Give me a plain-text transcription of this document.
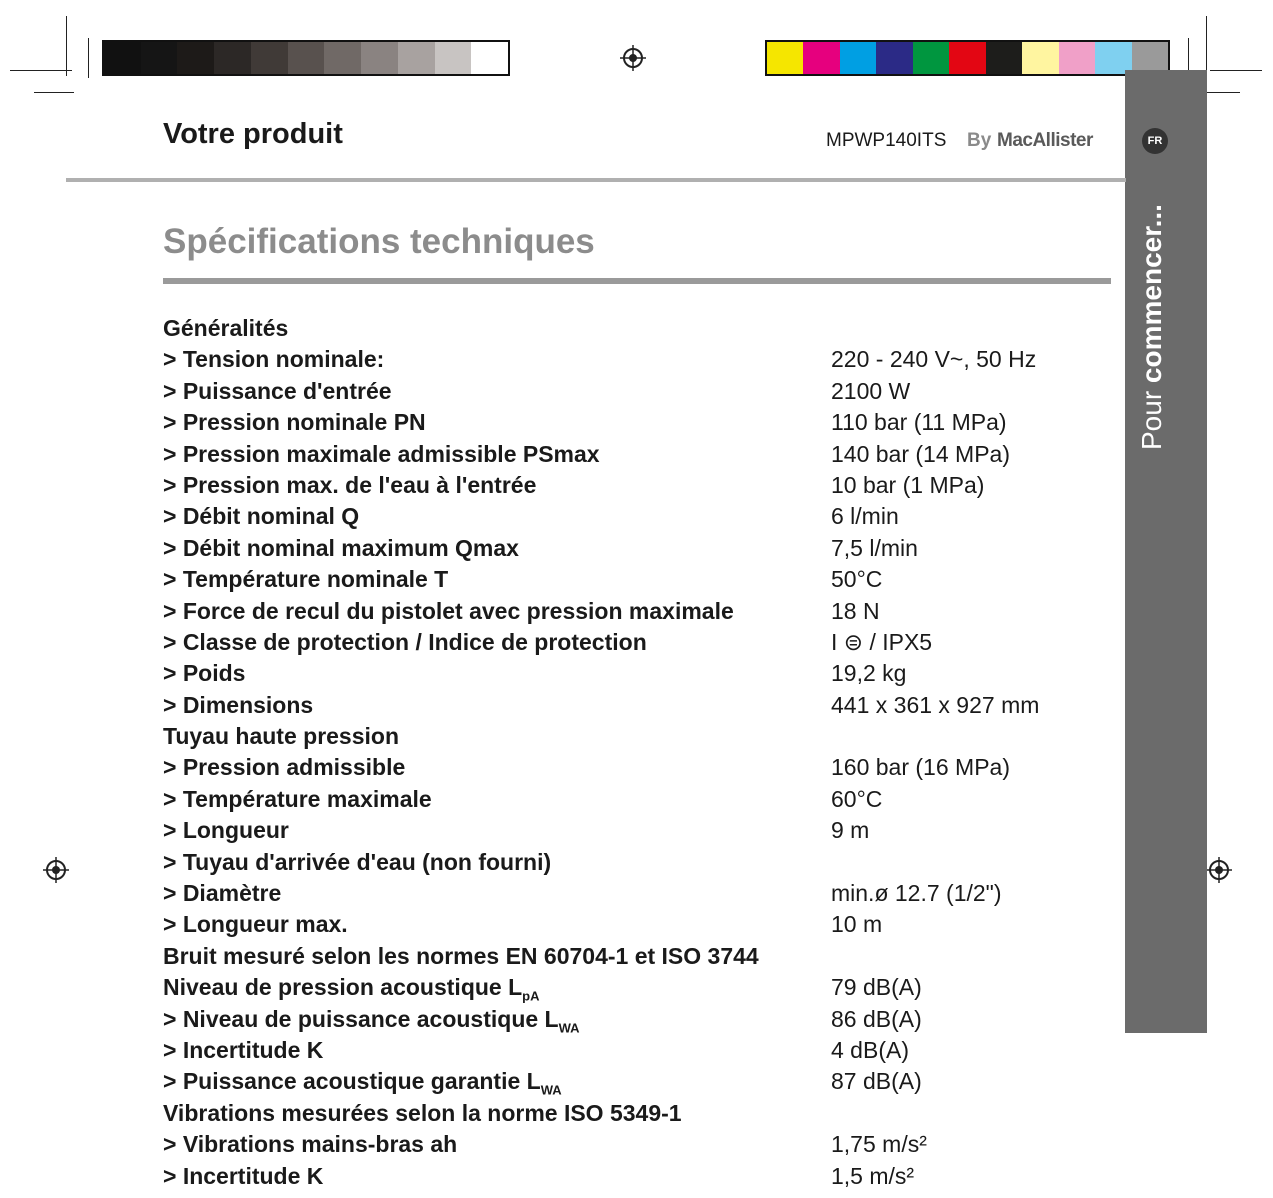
Pour commencer...
Votre produit	MPWP140ITS By MacAllister	FR
Spécifications techniques
Généralités
> Tension nominale:	220 - 240 V~, 50 Hz
> Puissance d'entrée	2100 W
> Pression nominale PN	110 bar (11 MPa)
> Pression maximale admissible PSmax	140 bar (14 MPa)
> Pression max. de l'eau à l'entrée	10 bar (1 MPa)
> Débit nominal Q	6 l/min
> Débit nominal maximum Qmax	7,5 l/min
> Température nominale T	50°C
> Force de recul du pistolet avec pression maximale	18 N
> Classe de protection / Indice de protection	I ⊜ / IPX5
> Poids	19,2 kg
> Dimensions	441 x 361 x 927 mm
Tuyau haute pression
> Pression admissible	160 bar (16 MPa)
> Température maximale	60°C
> Longueur	9 m
> Tuyau d'arrivée d'eau (non fourni)
> Diamètre	min.ø 12.7 (1/2")
> Longueur max.	10 m
Bruit mesuré selon les normes EN 60704-1 et ISO 3744
Niveau de pression acoustique $L_{pA}$	79 dB(A)
> Niveau de puissance acoustique $L_{WA}$	86 dB(A)
> Incertitude K	4 dB(A)
> Puissance acoustique garantie $L_{WA}$	87 dB(A)
Vibrations mesurées selon la norme ISO 5349-1
> Vibrations mains-bras ah	1,75 m/s²
> Incertitude K	1,5 m/s²
